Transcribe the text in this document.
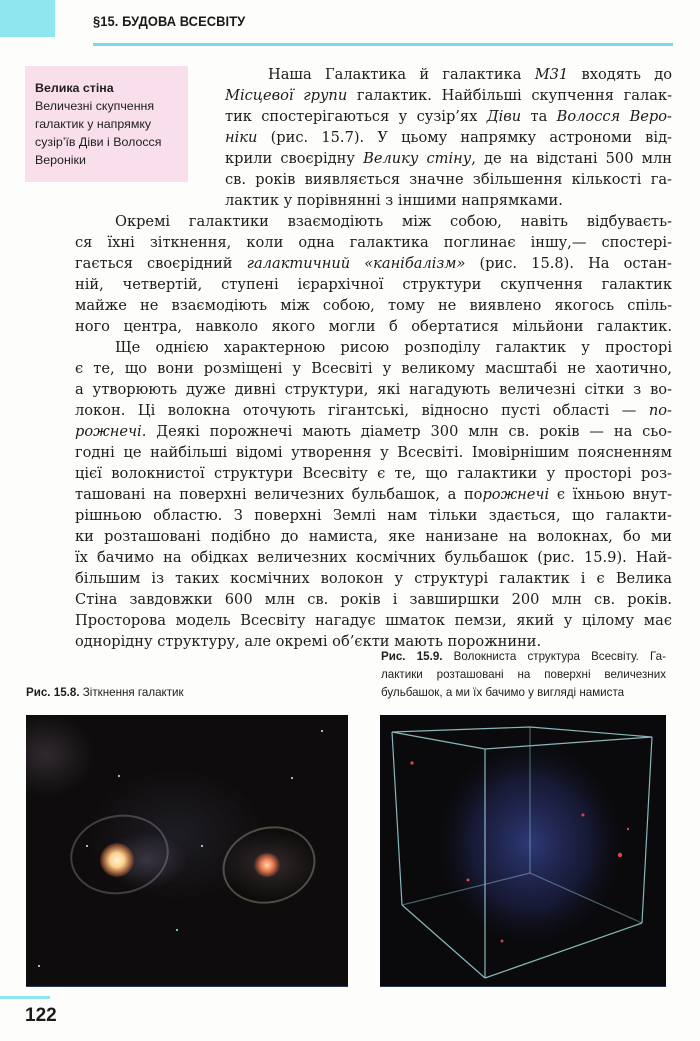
§15. БУДОВА ВСЕСВІТУ
Велика стіна
Величезні скупчення
галактик у напрямку
сузір’їв Діви і Волосся
Вероніки
Наша Галактика й галактика М31 входять до
Місцевої групи галактик. Найбільші скупчення галак-
тик спостерігаються у сузір’ях Діви та Волосся Веро-
ніки (рис. 15.7). У цьому напрямку астрономи від-
крили своєрідну Велику стіну, де на відстані 500 млн
св. років виявляється значне збільшення кількості га-
лактик у порівнянні з іншими напрямками.
Окремі галактики взаємодіють між собою, навіть відбуваєть-
ся їхні зіткнення, коли одна галактика поглинає іншу,— спостері-
гається своєрідний галактичний «канібалізм» (рис. 15.8). На остан-
ній, четвертій, ступені ієрархічної структури скупчення галактик
майже не взаємодіють між собою, тому не виявлено якогось спіль-
ного центра, навколо якого могли б обертатися мільйони галактик.
Ще однією характерною рисою розподілу галактик у просторі
є те, що вони розміщені у Всесвіті у великому масштабі не хаотично,
а утворюють дуже дивні структури, які нагадують величезні сітки з во-
локон. Ці волокна оточують гігантські, відносно пусті області — по-
рожнечі. Деякі порожнечі мають діаметр 300 млн св. років — на сьо-
годні це найбільші відомі утворення у Всесвіті. Імовірнішим поясненням
цієї волокнистої структури Всесвіту є те, що галактики у просторі роз-
ташовані на поверхні величезних бульбашок, а порожнечі є їхньою внут-
рішньою областю. З поверхні Землі нам тільки здається, що галакти-
ки розташовані подібно до намиста, яке нанизане на волокнах, бо ми
їх бачимо на обідках величезних космічних бульбашок (рис. 15.9). Най-
більшим із таких космічних волокон у структурі галактик і є Велика
Стіна завдовжки 600 млн св. років і завширшки 200 млн св. років.
Просторова модель Всесвіту нагадує шматок пемзи, який у цілому має
однорідну структуру, але окремі об’єкти мають порожнини.
Рис. 15.9. Волокниста структура Всесвіту. Га-
лактики розташовані на поверхні величезних
бульбашок, а ми їх бачимо у вигляді намиста
Рис. 15.8. Зіткнення галактик
122
